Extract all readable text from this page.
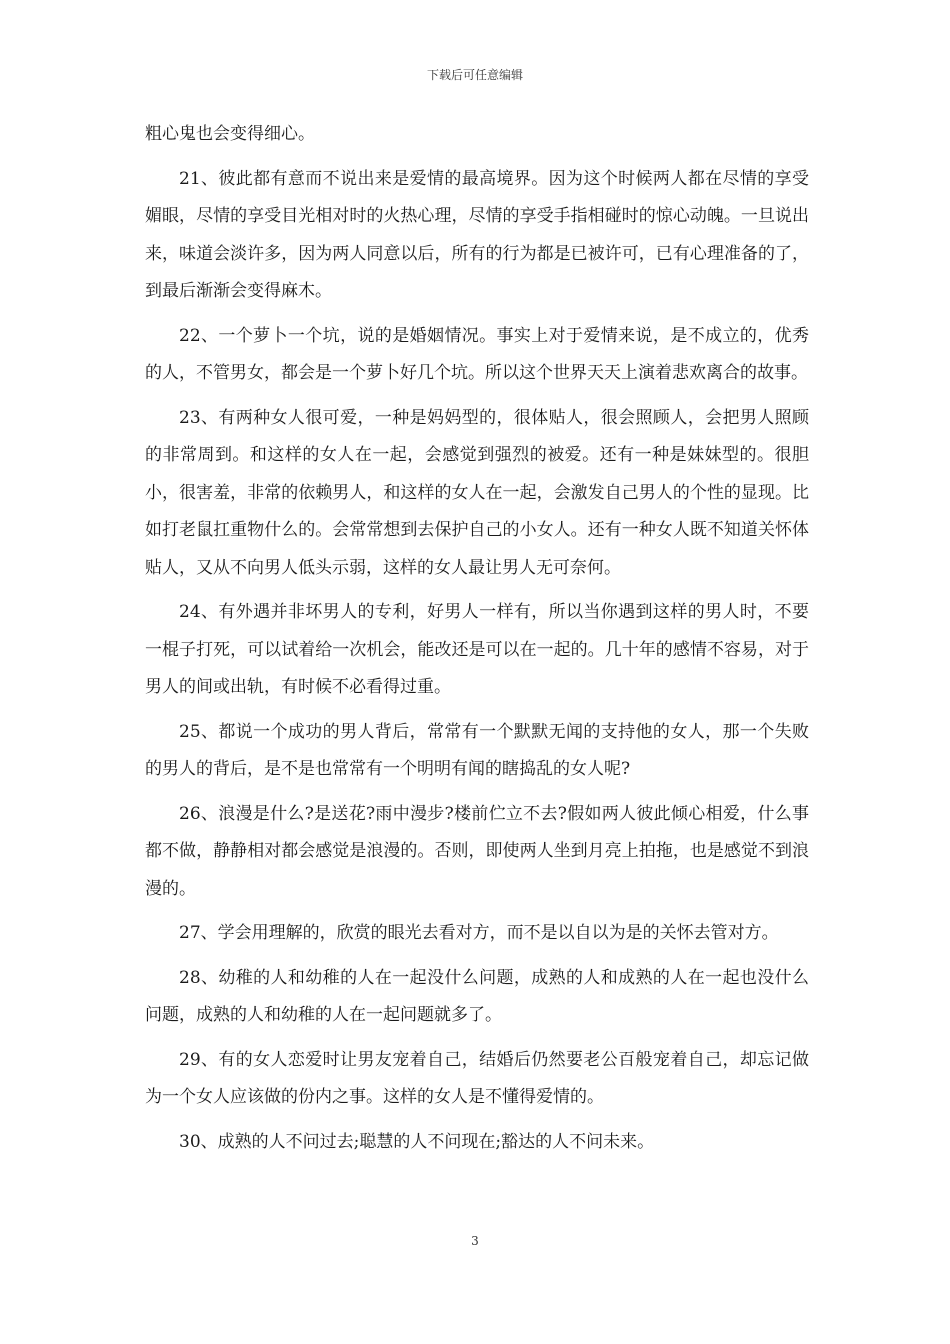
下载后可任意编辑

粗心鬼也会变得细心。

21、彼此都有意而不说出来是爱情的最高境界。因为这个时候两人都在尽情的享受媚眼，尽情的享受目光相对时的火热心理，尽情的享受手指相碰时的惊心动魄。一旦说出来，味道会淡许多，因为两人同意以后，所有的行为都是已被许可，已有心理准备的了，到最后渐渐会变得麻木。

22、一个萝卜一个坑，说的是婚姻情况。事实上对于爱情来说，是不成立的，优秀的人，不管男女，都会是一个萝卜好几个坑。所以这个世界天天上演着悲欢离合的故事。

23、有两种女人很可爱，一种是妈妈型的，很体贴人，很会照顾人，会把男人照顾的非常周到。和这样的女人在一起，会感觉到强烈的被爱。还有一种是妹妹型的。很胆小，很害羞，非常的依赖男人，和这样的女人在一起，会激发自己男人的个性的显现。比如打老鼠扛重物什么的。会常常想到去保护自己的小女人。还有一种女人既不知道关怀体贴人，又从不向男人低头示弱，这样的女人最让男人无可奈何。

24、有外遇并非坏男人的专利，好男人一样有，所以当你遇到这样的男人时，不要一棍子打死，可以试着给一次机会，能改还是可以在一起的。几十年的感情不容易，对于男人的间或出轨，有时候不必看得过重。

25、都说一个成功的男人背后，常常有一个默默无闻的支持他的女人，那一个失败的男人的背后，是不是也常常有一个明明有闻的瞎捣乱的女人呢?

26、浪漫是什么?是送花?雨中漫步?楼前伫立不去?假如两人彼此倾心相爱，什么事都不做，静静相对都会感觉是浪漫的。否则，即使两人坐到月亮上拍拖，也是感觉不到浪漫的。

27、学会用理解的，欣赏的眼光去看对方，而不是以自以为是的关怀去管对方。

28、幼稚的人和幼稚的人在一起没什么问题，成熟的人和成熟的人在一起也没什么问题，成熟的人和幼稚的人在一起问题就多了。

29、有的女人恋爱时让男友宠着自己，结婚后仍然要老公百般宠着自己，却忘记做为一个女人应该做的份内之事。这样的女人是不懂得爱情的。

30、成熟的人不问过去;聪慧的人不问现在;豁达的人不问未来。

3
